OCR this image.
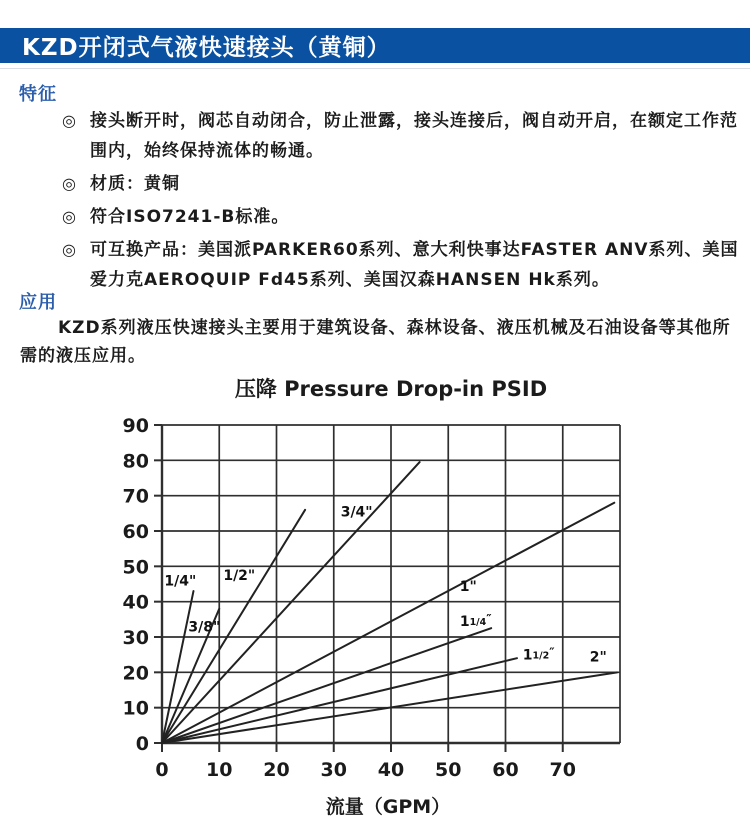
KZD开闭式气液快速接头（黄铜）
特征
◎ 接头断开时，阀芯自动闭合，防止泄露，接头连接后，阀自动开启，在额定工作范围内，始终保持流体的畅通。
◎ 材质：黄铜
◎ 符合ISO7241-B标准。
◎ 可互换产品：美国派PARKER60系列、意大利快事达FASTER ANV系列、美国爱力克AEROQUIP Fd45系列、美国汉森HANSEN Hk系列。
应用
KZD系列液压快速接头主要用于建筑设备、森林设备、液压机械及石油设备等其他所需的液压应用。
压降 Pressure Drop-in PSID
0 10 20 30 40 50 60 70
0
10
20
30
40
50
60
70
80
90
流量（GPM）
1/4"
3/8"
1/2"
3/4"
1"
11/4″
11/2″	2"
